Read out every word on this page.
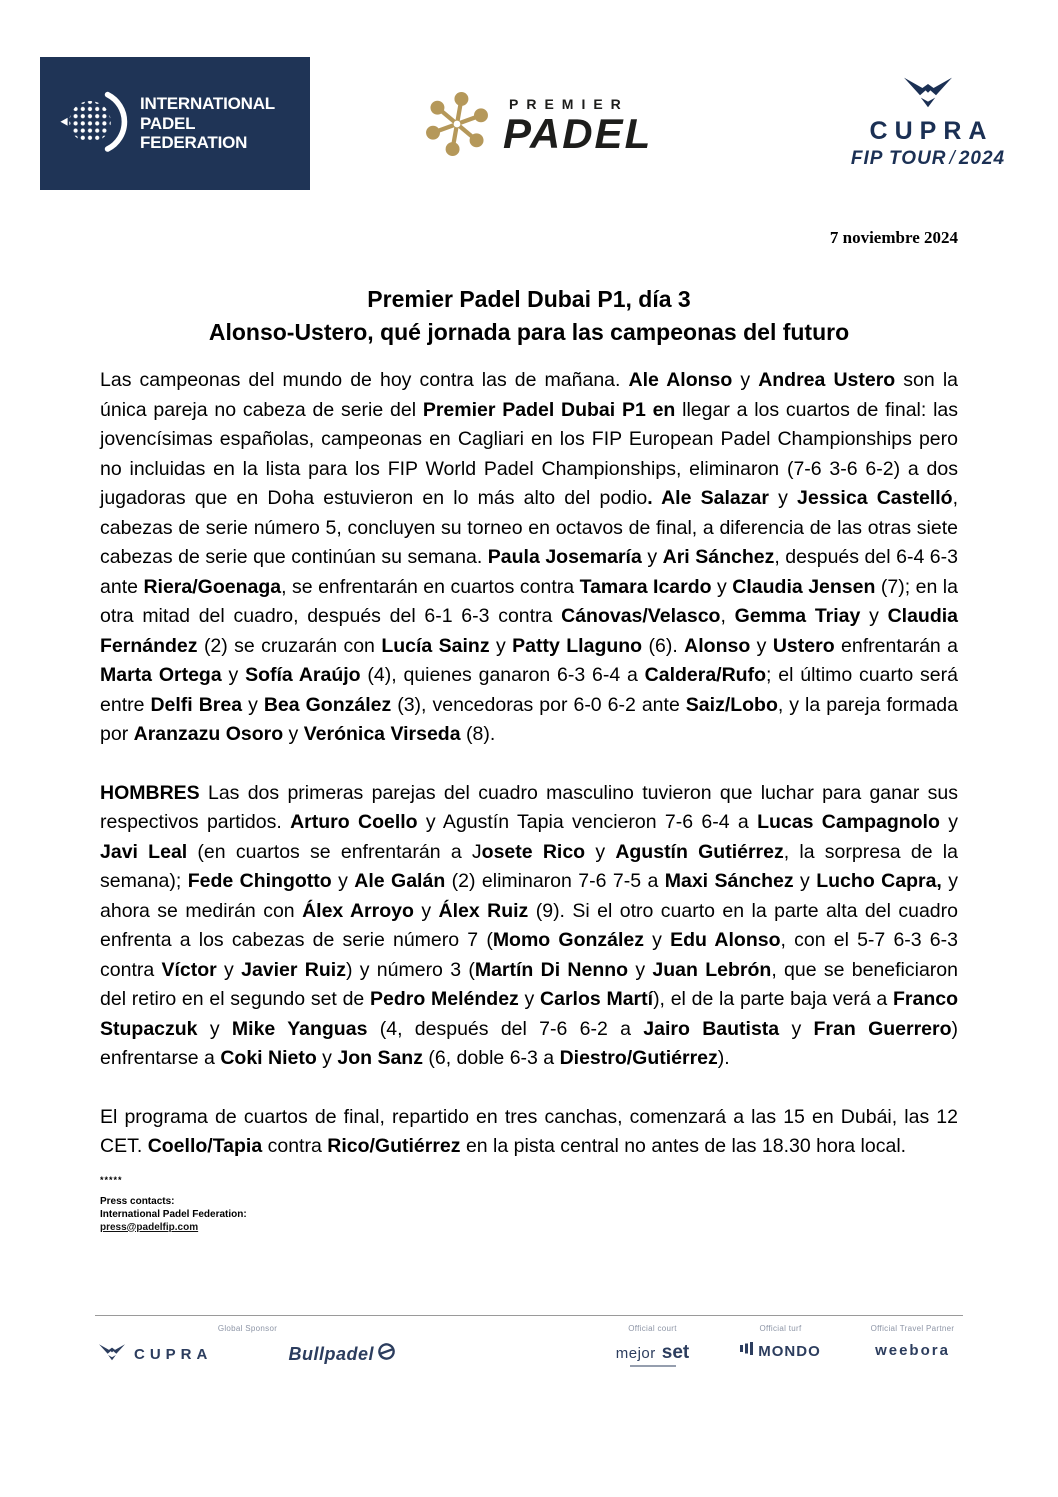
INTERNATIONAL
PADEL
FEDERATION
PREMIER
PADEL	CUPRA
FIP TOUR / 2024
7 noviembre 2024
Premier Padel Dubai P1, día 3
Alonso-Ustero, qué jornada para las campeonas del futuro

Las campeonas del mundo de hoy contra las de mañana. Ale Alonso y Andrea Ustero son la única pareja no cabeza de serie del Premier Padel Dubai P1 en llegar a los cuartos de final: las jovencísimas españolas, campeonas en Cagliari en los FIP European Padel Championships pero no incluidas en la lista para los FIP World Padel Championships, eliminaron (7-6 3-6 6-2) a dos jugadoras que en Doha estuvieron en lo más alto del podio. Ale Salazar y Jessica Castelló, cabezas de serie número 5, concluyen su torneo en octavos de final, a diferencia de las otras siete cabezas de serie que continúan su semana. Paula Josemaría y Ari Sánchez, después del 6-4 6-3 ante Riera/Goenaga, se enfrentarán en cuartos contra Tamara Icardo y Claudia Jensen (7); en la otra mitad del cuadro, después del 6-1 6-3 contra Cánovas/Velasco, Gemma Triay y Claudia Fernández (2) se cruzarán con Lucía Sainz y Patty Llaguno (6). Alonso y Ustero enfrentarán a Marta Ortega y Sofía Araújo (4), quienes ganaron 6-3 6-4 a Caldera/Rufo; el último cuarto será entre Delfi Brea y Bea González (3), vencedoras por 6-0 6-2 ante Saiz/Lobo, y la pareja formada por Aranzazu Osoro y Verónica Virseda (8).

HOMBRES Las dos primeras parejas del cuadro masculino tuvieron que luchar para ganar sus respectivos partidos. Arturo Coello y Agustín Tapia vencieron 7-6 6-4 a Lucas Campagnolo y Javi Leal (en cuartos se enfrentarán a Josete Rico y Agustín Gutiérrez, la sorpresa de la semana); Fede Chingotto y Ale Galán (2) eliminaron 7-6 7-5 a Maxi Sánchez y Lucho Capra, y ahora se medirán con Álex Arroyo y Álex Ruiz (9). Si el otro cuarto en la parte alta del cuadro enfrenta a los cabezas de serie número 7 (Momo González y Edu Alonso, con el 5-7 6-3 6-3 contra Víctor y Javier Ruiz) y número 3 (Martín Di Nenno y Juan Lebrón, que se beneficiaron del retiro en el segundo set de Pedro Meléndez y Carlos Martí), el de la parte baja verá a Franco Stupaczuk y Mike Yanguas (4, después del 7-6 6-2 a Jairo Bautista y Fran Guerrero) enfrentarse a Coki Nieto y Jon Sanz (6, doble 6-3 a Diestro/Gutiérrez).

El programa de cuartos de final, repartido en tres canchas, comenzará a las 15 en Dubái, las 12 CET. Coello/Tapia contra Rico/Gutiérrez en la pista central no antes de las 18.30 hora local.

*****
Press contacts:
International Padel Federation:
press@padelfip.com
Global Sponsor
CUPRA	Bullpadel
Official court
mejor set
Official turf
MONDO
Official Travel Partner
weebora
